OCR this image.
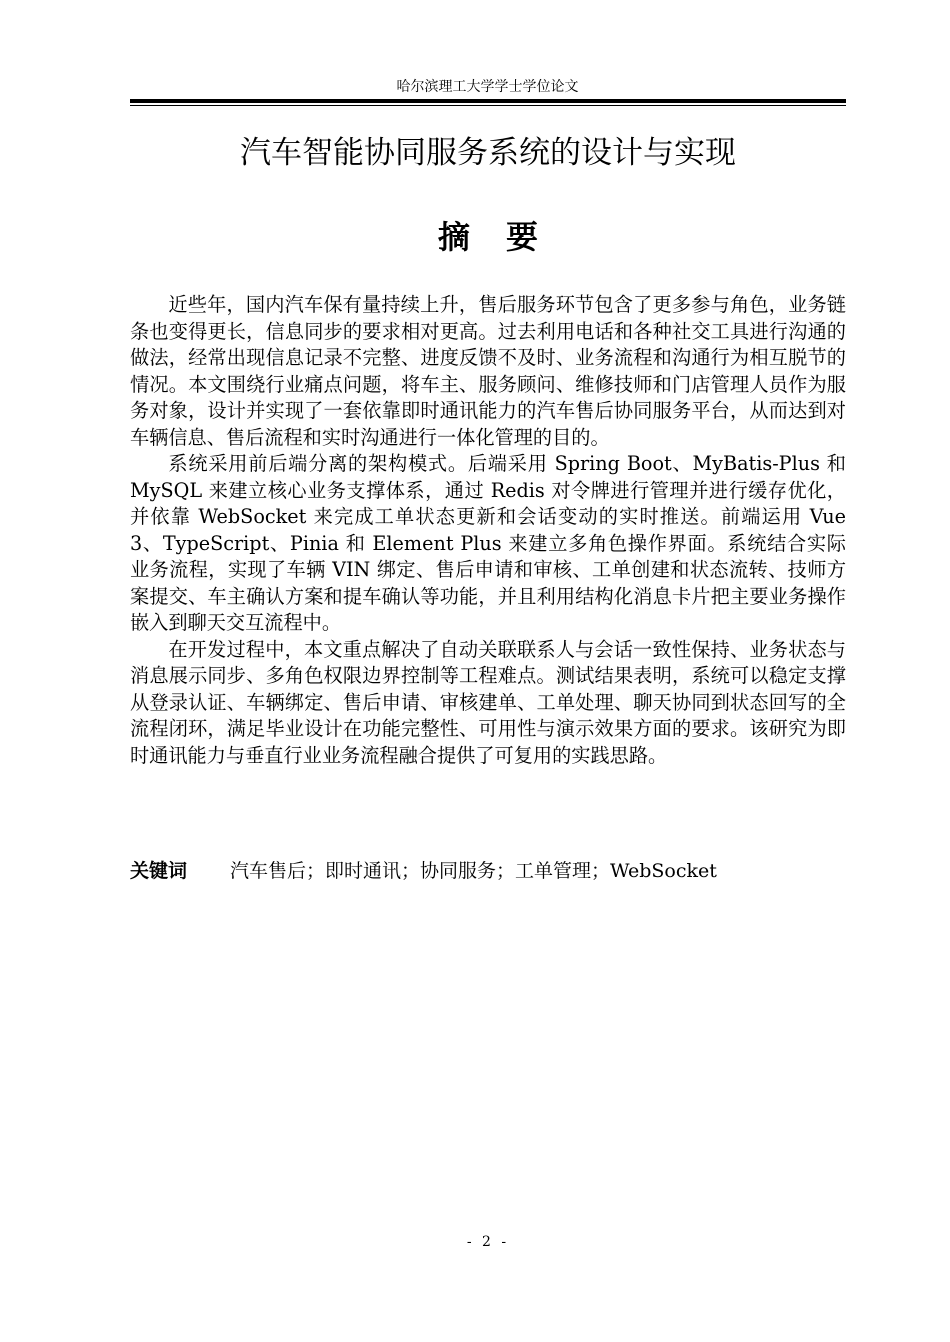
哈尔滨理工大学学士学位论文
汽车智能协同服务系统的设计与实现
摘要

近些年，国内汽车保有量持续上升，售后服务环节包含了更多参与角色，业务链条也变得更长，信息同步的要求相对更高。过去利用电话和各种社交工具进行沟通的做法，经常出现信息记录不完整、进度反馈不及时、业务流程和沟通行为相互脱节的情况。本文围绕行业痛点问题，将车主、服务顾问、维修技师和门店管理人员作为服务对象，设计并实现了一套依靠即时通讯能力的汽车售后协同服务平台，从而达到对车辆信息、售后流程和实时沟通进行一体化管理的目的。

系统采用前后端分离的架构模式。后端采用 Spring Boot、MyBatis-Plus 和 MySQL 来建立核心业务支撑体系，通过 Redis 对令牌进行管理并进行缓存优化，并依靠 WebSocket 来完成工单状态更新和会话变动的实时推送。前端运用 Vue 3、TypeScript、Pinia 和 Element Plus 来建立多角色操作界面。系统结合实际业务流程，实现了车辆 VIN 绑定、售后申请和审核、工单创建和状态流转、技师方案提交、车主确认方案和提车确认等功能，并且利用结构化消息卡片把主要业务操作嵌入到聊天交互流程中。

在开发过程中，本文重点解决了自动关联联系人与会话一致性保持、业务状态与消息展示同步、多角色权限边界控制等工程难点。测试结果表明，系统可以稳定支撑从登录认证、车辆绑定、售后申请、审核建单、工单处理、聊天协同到状态回写的全流程闭环，满足毕业设计在功能完整性、可用性与演示效果方面的要求。该研究为即时通讯能力与垂直行业业务流程融合提供了可复用的实践思路。

关键词 汽车售后；即时通讯；协同服务；工单管理；WebSocket
- 2 -
